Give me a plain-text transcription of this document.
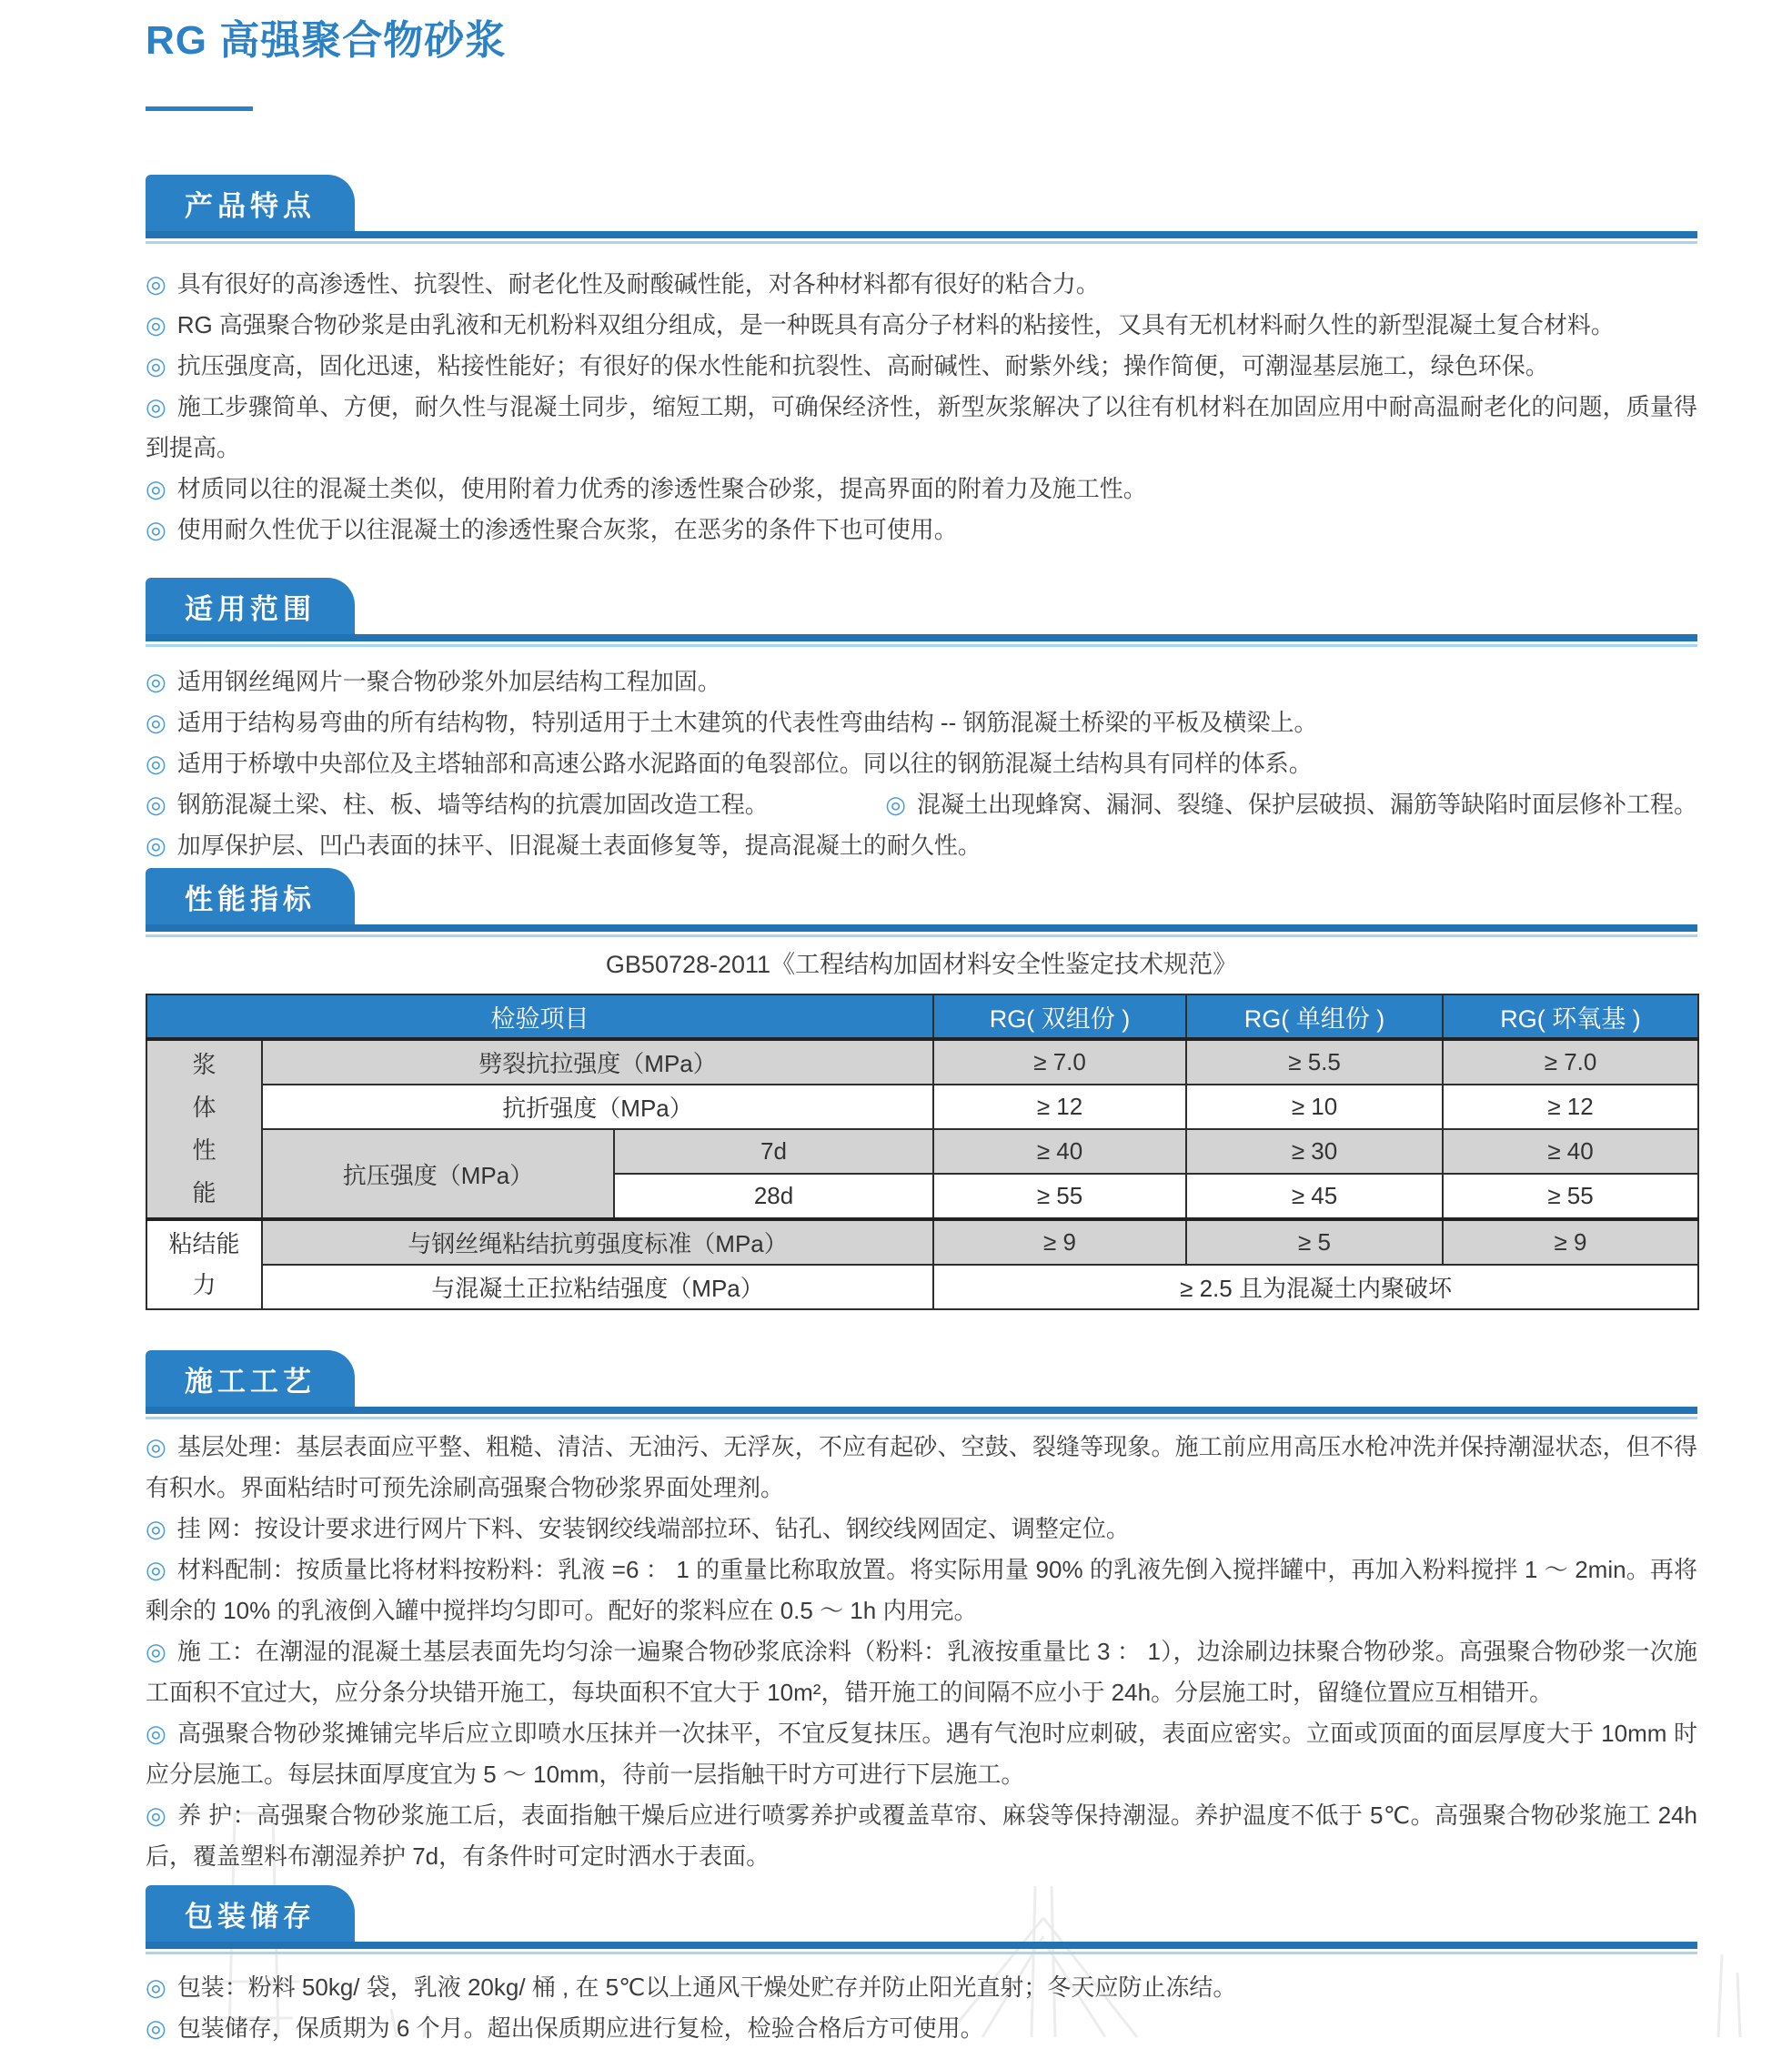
RG 高强聚合物砂浆
产品特点
◎ 具有很好的高渗透性、抗裂性、耐老化性及耐酸碱性能，对各种材料都有很好的粘合力。
◎ RG 高强聚合物砂浆是由乳液和无机粉料双组分组成，是一种既具有高分子材料的粘接性，又具有无机材料耐久性的新型混凝土复合材料。
◎ 抗压强度高，固化迅速，粘接性能好；有很好的保水性能和抗裂性、高耐碱性、耐紫外线；操作简便，可潮湿基层施工，绿色环保。
◎ 施工步骤简单、方便，耐久性与混凝土同步，缩短工期，可确保经济性，新型灰浆解决了以往有机材料在加固应用中耐高温耐老化的问题，质量得到提高。
◎ 材质同以往的混凝土类似，使用附着力优秀的渗透性聚合砂浆，提高界面的附着力及施工性。
◎ 使用耐久性优于以往混凝土的渗透性聚合灰浆，在恶劣的条件下也可使用。
适用范围
◎ 适用钢丝绳网片一聚合物砂浆外加层结构工程加固。
◎ 适用于结构易弯曲的所有结构物，特别适用于土木建筑的代表性弯曲结构 -- 钢筋混凝土桥梁的平板及横梁上。
◎ 适用于桥墩中央部位及主塔轴部和高速公路水泥路面的龟裂部位。同以往的钢筋混凝土结构具有同样的体系。
◎ 钢筋混凝土梁、柱、板、墙等结构的抗震加固改造工程。	◎ 混凝土出现蜂窝、漏洞、裂缝、保护层破损、漏筋等缺陷时面层修补工程。
◎ 加厚保护层、凹凸表面的抹平、旧混凝土表面修复等，提高混凝土的耐久性。
性能指标
GB50728-2011《工程结构加固材料安全性鉴定技术规范》
检验项目			RG( 双组份 )	RG( 单组份 )	RG( 环氧基 )
浆体性能	劈裂抗拉强度（MPa）		≥ 7.0	≥ 5.5	≥ 7.0
	抗折强度（MPa）		≥ 12	≥ 10	≥ 12
	抗压强度（MPa）	7d	≥ 40	≥ 30	≥ 40
		28d	≥ 55	≥ 45	≥ 55
粘结能力	与钢丝绳粘结抗剪强度标准（MPa）		≥ 9	≥ 5	≥ 9
	与混凝土正拉粘结强度（MPa）		≥ 2.5 且为混凝土内聚破坏		
施工工艺
◎ 基层处理：基层表面应平整、粗糙、清洁、无油污、无浮灰，不应有起砂、空鼓、裂缝等现象。施工前应用高压水枪冲洗并保持潮湿状态，但不得有积水。界面粘结时可预先涂刷高强聚合物砂浆界面处理剂。
◎ 挂 网：按设计要求进行网片下料、安装钢绞线端部拉环、钻孔、钢绞线网固定、调整定位。
◎ 材料配制：按质量比将材料按粉料：乳液 =6 ： 1 的重量比称取放置。将实际用量 90% 的乳液先倒入搅拌罐中，再加入粉料搅拌 1 ～ 2min。再将剩余的 10% 的乳液倒入罐中搅拌均匀即可。配好的浆料应在 0.5 ～ 1h 内用完。
◎ 施 工：在潮湿的混凝土基层表面先均匀涂一遍聚合物砂浆底涂料（粉料：乳液按重量比 3 ： 1），边涂刷边抹聚合物砂浆。高强聚合物砂浆一次施工面积不宜过大，应分条分块错开施工，每块面积不宜大于 10m²，错开施工的间隔不应小于 24h。分层施工时，留缝位置应互相错开。
◎ 高强聚合物砂浆摊铺完毕后应立即喷水压抹并一次抹平，不宜反复抹压。遇有气泡时应刺破，表面应密实。立面或顶面的面层厚度大于 10mm 时应分层施工。每层抹面厚度宜为 5 ～ 10mm，待前一层指触干时方可进行下层施工。
◎ 养 护：高强聚合物砂浆施工后，表面指触干燥后应进行喷雾养护或覆盖草帘、麻袋等保持潮湿。养护温度不低于 5℃。高强聚合物砂浆施工 24h 后，覆盖塑料布潮湿养护 7d，有条件时可定时洒水于表面。
包装储存
◎ 包装：粉料 50kg/ 袋，乳液 20kg/ 桶 , 在 5℃以上通风干燥处贮存并防止阳光直射；冬天应防止冻结。
◎ 包装储存，保质期为 6 个月。超出保质期应进行复检，检验合格后方可使用。
